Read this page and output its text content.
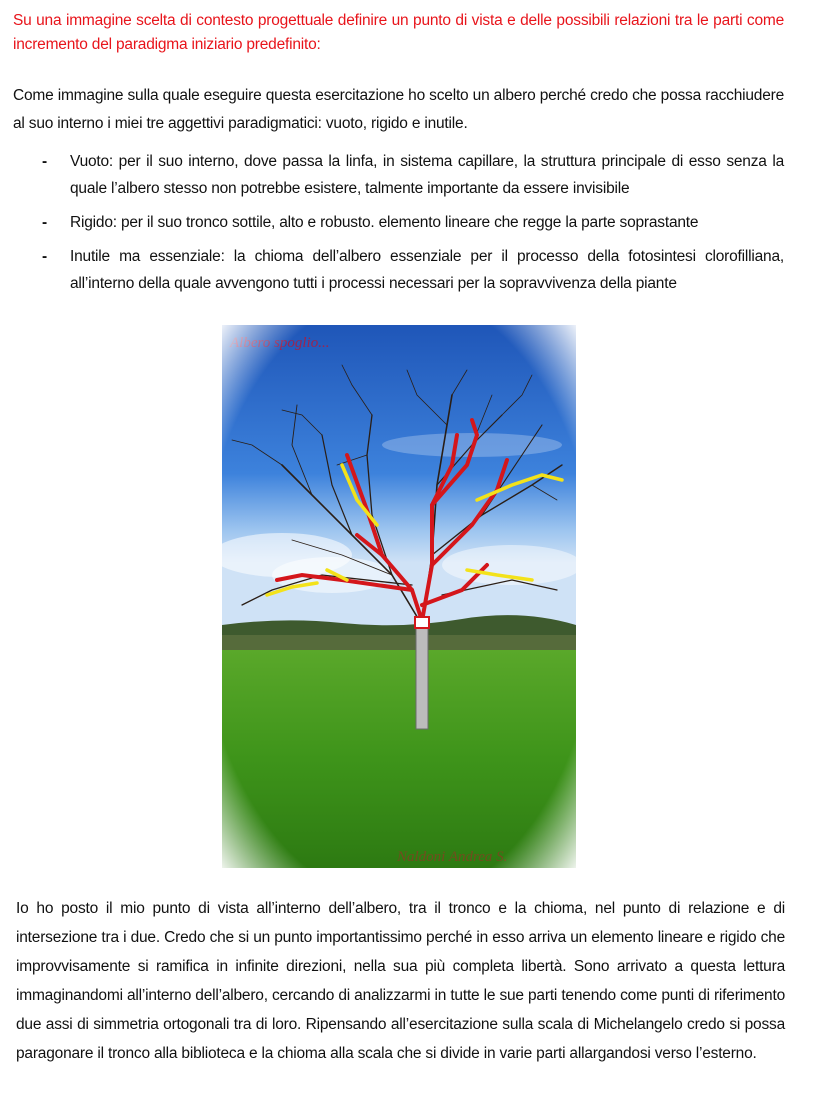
Su una immagine scelta di contesto progettuale definire un punto di vista e delle possibili relazioni tra le parti come incremento del paradigma iniziario predefinito:
Come immagine sulla quale eseguire questa esercitazione ho scelto un albero perché credo che possa racchiudere al suo interno i miei tre aggettivi paradigmatici: vuoto, rigido e inutile.
- Vuoto: per il suo interno, dove passa la linfa, in sistema capillare, la struttura principale di esso senza la quale l’albero stesso non potrebbe esistere, talmente importante da essere invisibile
- Rigido: per il suo tronco sottile, alto e robusto. elemento lineare che regge la parte soprastante
- Inutile ma essenziale: la chioma dell’albero essenziale per il processo della fotosintesi clorofilliana, all’interno della quale avvengono tutti i processi necessari per la sopravvivenza della piante
Io ho posto il mio punto di vista all’interno dell’albero, tra il tronco e la chioma, nel punto di relazione e di intersezione tra i due. Credo che si un punto importantissimo perché in esso arriva un elemento lineare e rigido che improvvisamente si ramifica in infinite direzioni, nella sua più completa libertà. Sono arrivato a questa lettura immaginandomi all’interno dell’albero, cercando di analizzarmi in tutte le sue parti tenendo come punti di riferimento due assi di simmetria ortogonali tra di loro. Ripensando all’esercitazione sulla scala di Michelangelo credo si possa paragonare il tronco alla biblioteca e la chioma alla scala che si divide in varie parti allargandosi verso l’esterno.
